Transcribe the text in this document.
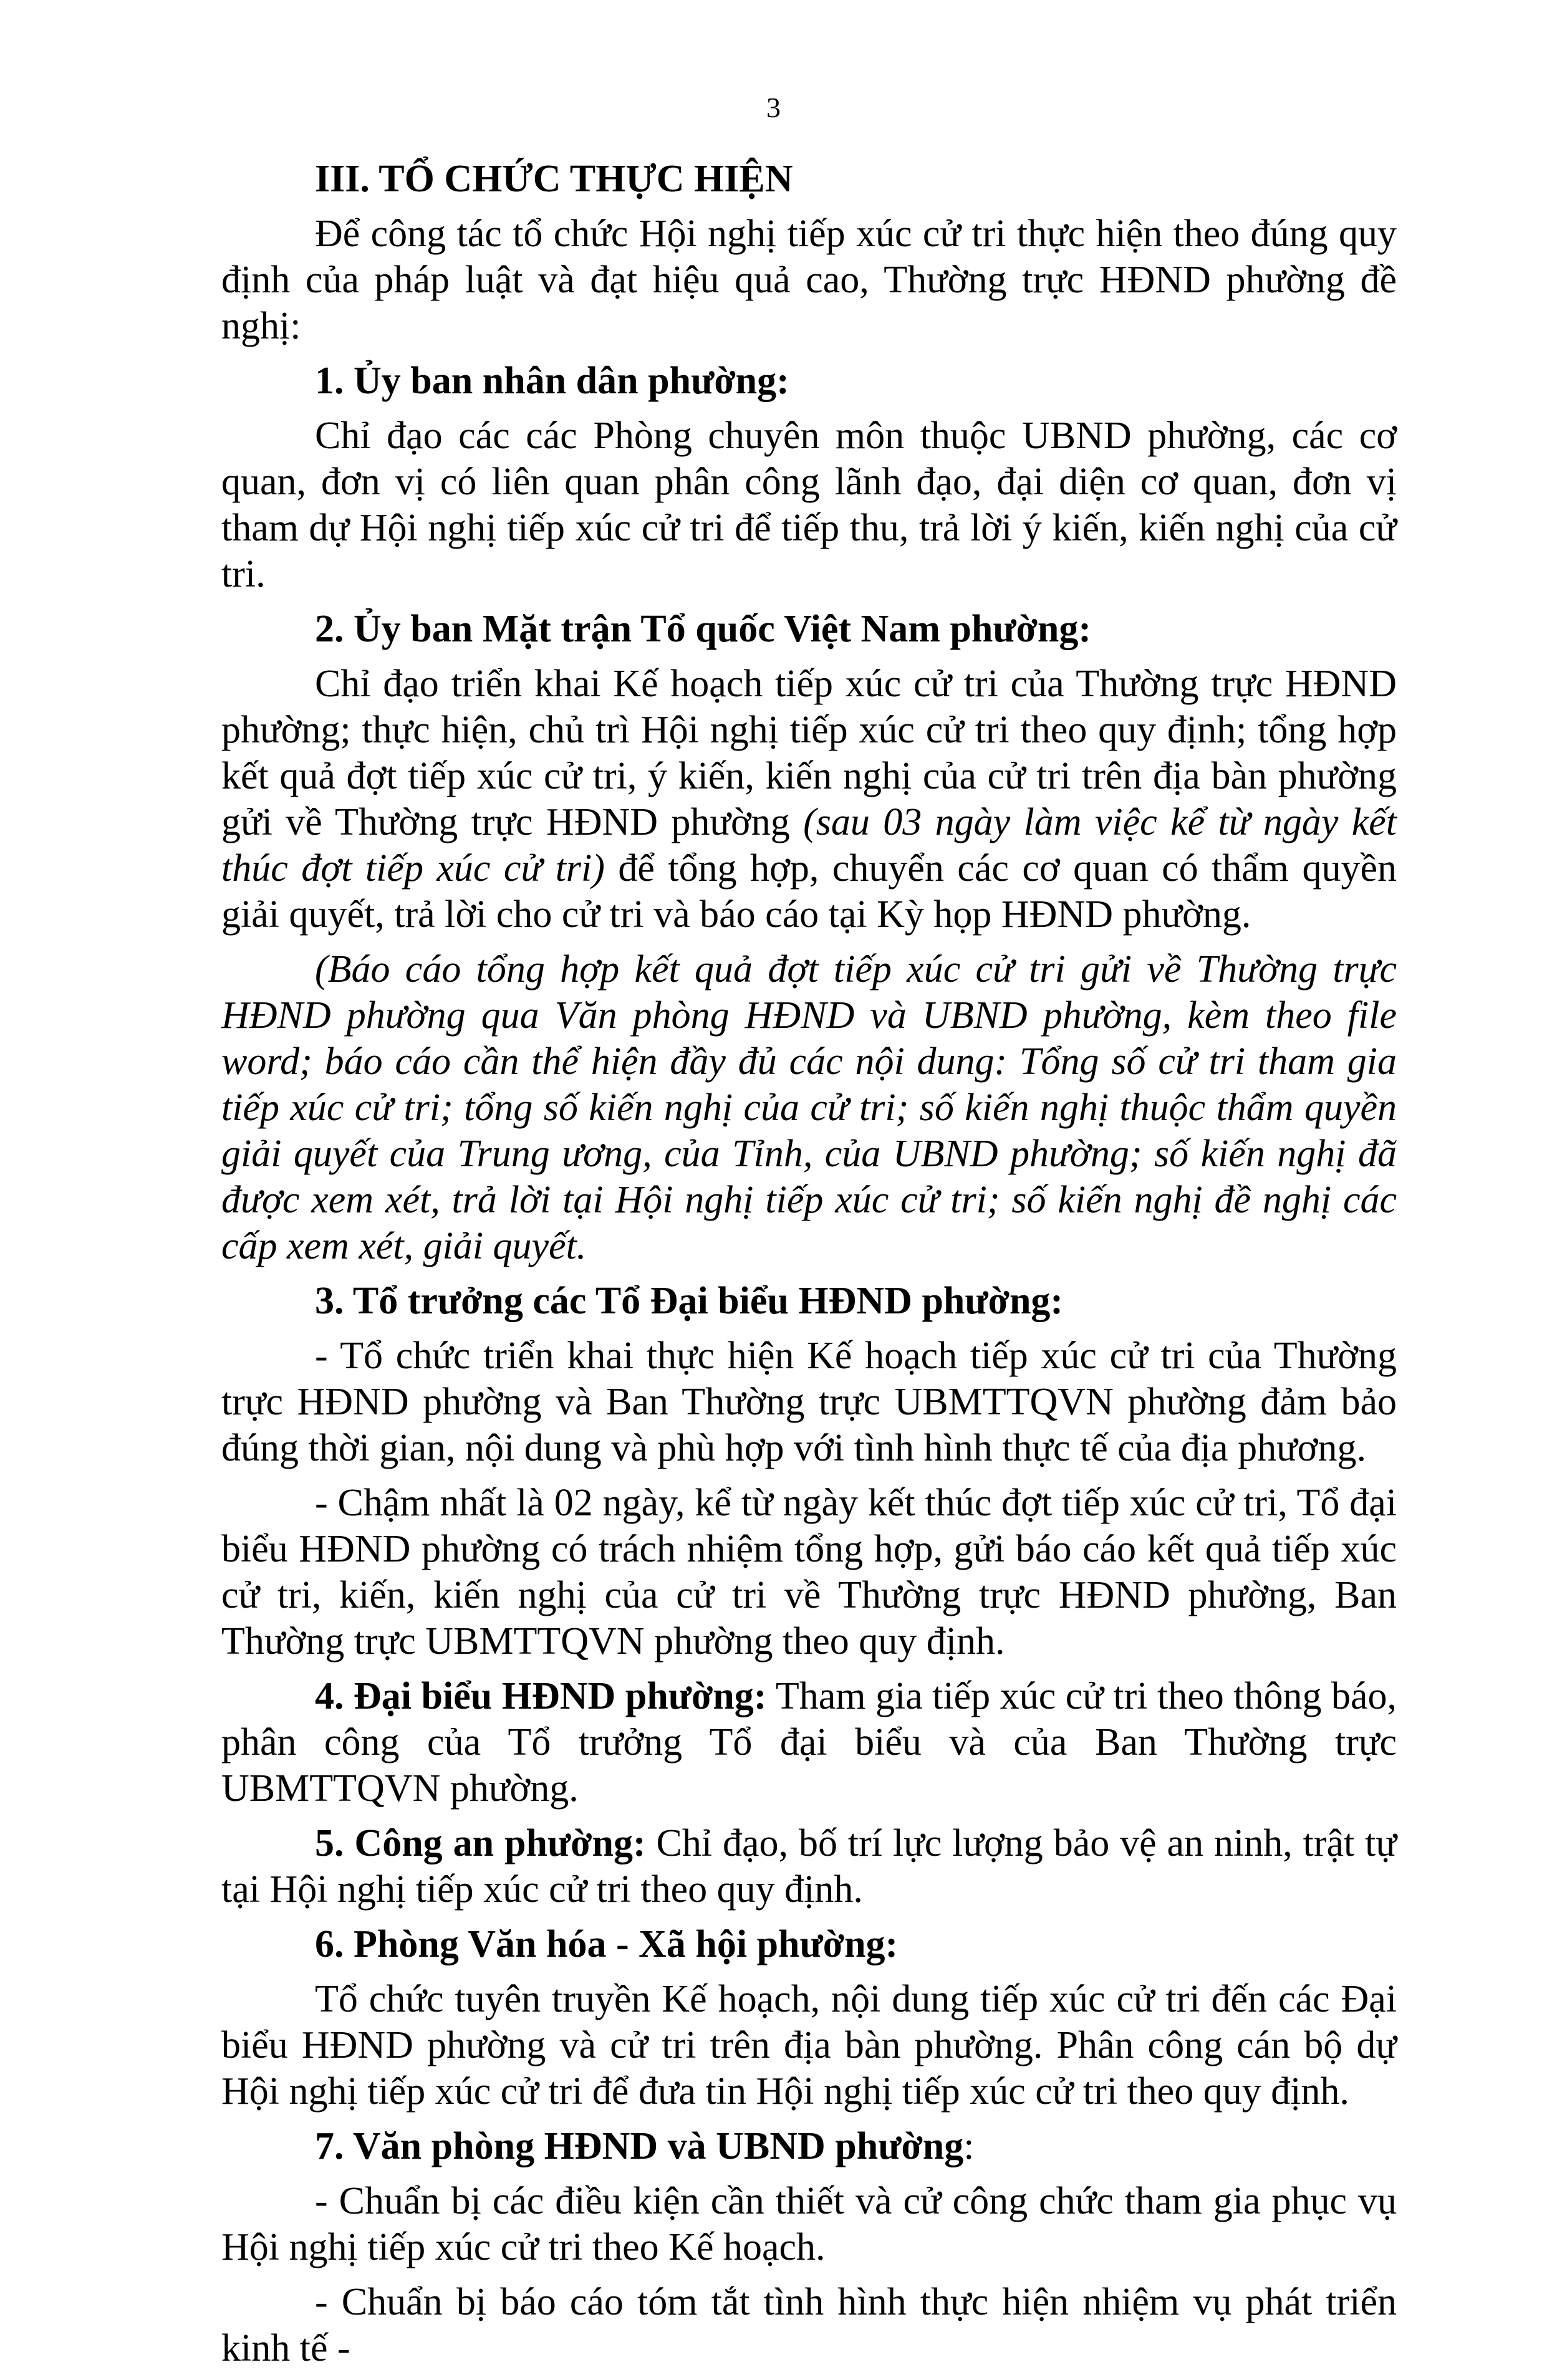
3

III. TỔ CHỨC THỰC HIỆN

Để công tác tổ chức Hội nghị tiếp xúc cử tri thực hiện theo đúng quy định của pháp luật và đạt hiệu quả cao, Thường trực HĐND phường đề nghị:

1. Ủy ban nhân dân phường:

Chỉ đạo các các Phòng chuyên môn thuộc UBND phường, các cơ quan, đơn vị có liên quan phân công lãnh đạo, đại diện cơ quan, đơn vị tham dự Hội nghị tiếp xúc cử tri để tiếp thu, trả lời ý kiến, kiến nghị của cử tri.

2. Ủy ban Mặt trận Tổ quốc Việt Nam phường:

Chỉ đạo triển khai Kế hoạch tiếp xúc cử tri của Thường trực HĐND phường; thực hiện, chủ trì Hội nghị tiếp xúc cử tri theo quy định; tổng hợp kết quả đợt tiếp xúc cử tri, ý kiến, kiến nghị của cử tri trên địa bàn phường gửi về Thường trực HĐND phường (sau 03 ngày làm việc kể từ ngày kết thúc đợt tiếp xúc cử tri) để tổng hợp, chuyển các cơ quan có thẩm quyền giải quyết, trả lời cho cử tri và báo cáo tại Kỳ họp HĐND phường.

(Báo cáo tổng hợp kết quả đợt tiếp xúc cử tri gửi về Thường trực HĐND phường qua Văn phòng HĐND và UBND phường, kèm theo file word; báo cáo cần thể hiện đầy đủ các nội dung: Tổng số cử tri tham gia tiếp xúc cử tri; tổng số kiến nghị của cử tri; số kiến nghị thuộc thẩm quyền giải quyết của Trung ương, của Tỉnh, của UBND phường; số kiến nghị đã được xem xét, trả lời tại Hội nghị tiếp xúc cử tri; số kiến nghị đề nghị các cấp xem xét, giải quyết.

3. Tổ trưởng các Tổ Đại biểu HĐND phường:

- Tổ chức triển khai thực hiện Kế hoạch tiếp xúc cử tri của Thường trực HĐND phường và Ban Thường trực UBMTTQVN phường đảm bảo đúng thời gian, nội dung và phù hợp với tình hình thực tế của địa phương.

- Chậm nhất là 02 ngày, kể từ ngày kết thúc đợt tiếp xúc cử tri, Tổ đại biểu HĐND phường có trách nhiệm tổng hợp, gửi báo cáo kết quả tiếp xúc cử tri, kiến, kiến nghị của cử tri về Thường trực HĐND phường, Ban Thường trực UBMTTQVN phường theo quy định.

4. Đại biểu HĐND phường: Tham gia tiếp xúc cử tri theo thông báo, phân công của Tổ trưởng Tổ đại biểu và của Ban Thường trực UBMTTQVN phường.

5. Công an phường: Chỉ đạo, bố trí lực lượng bảo vệ an ninh, trật tự tại Hội nghị tiếp xúc cử tri theo quy định.

6. Phòng Văn hóa - Xã hội phường:

Tổ chức tuyên truyền Kế hoạch, nội dung tiếp xúc cử tri đến các Đại biểu HĐND phường và cử tri trên địa bàn phường. Phân công cán bộ dự Hội nghị tiếp xúc cử tri để đưa tin Hội nghị tiếp xúc cử tri theo quy định.

7. Văn phòng HĐND và UBND phường:

- Chuẩn bị các điều kiện cần thiết và cử công chức tham gia phục vụ Hội nghị tiếp xúc cử tri theo Kế hoạch.

- Chuẩn bị báo cáo tóm tắt tình hình thực hiện nhiệm vụ phát triển kinh tế -
